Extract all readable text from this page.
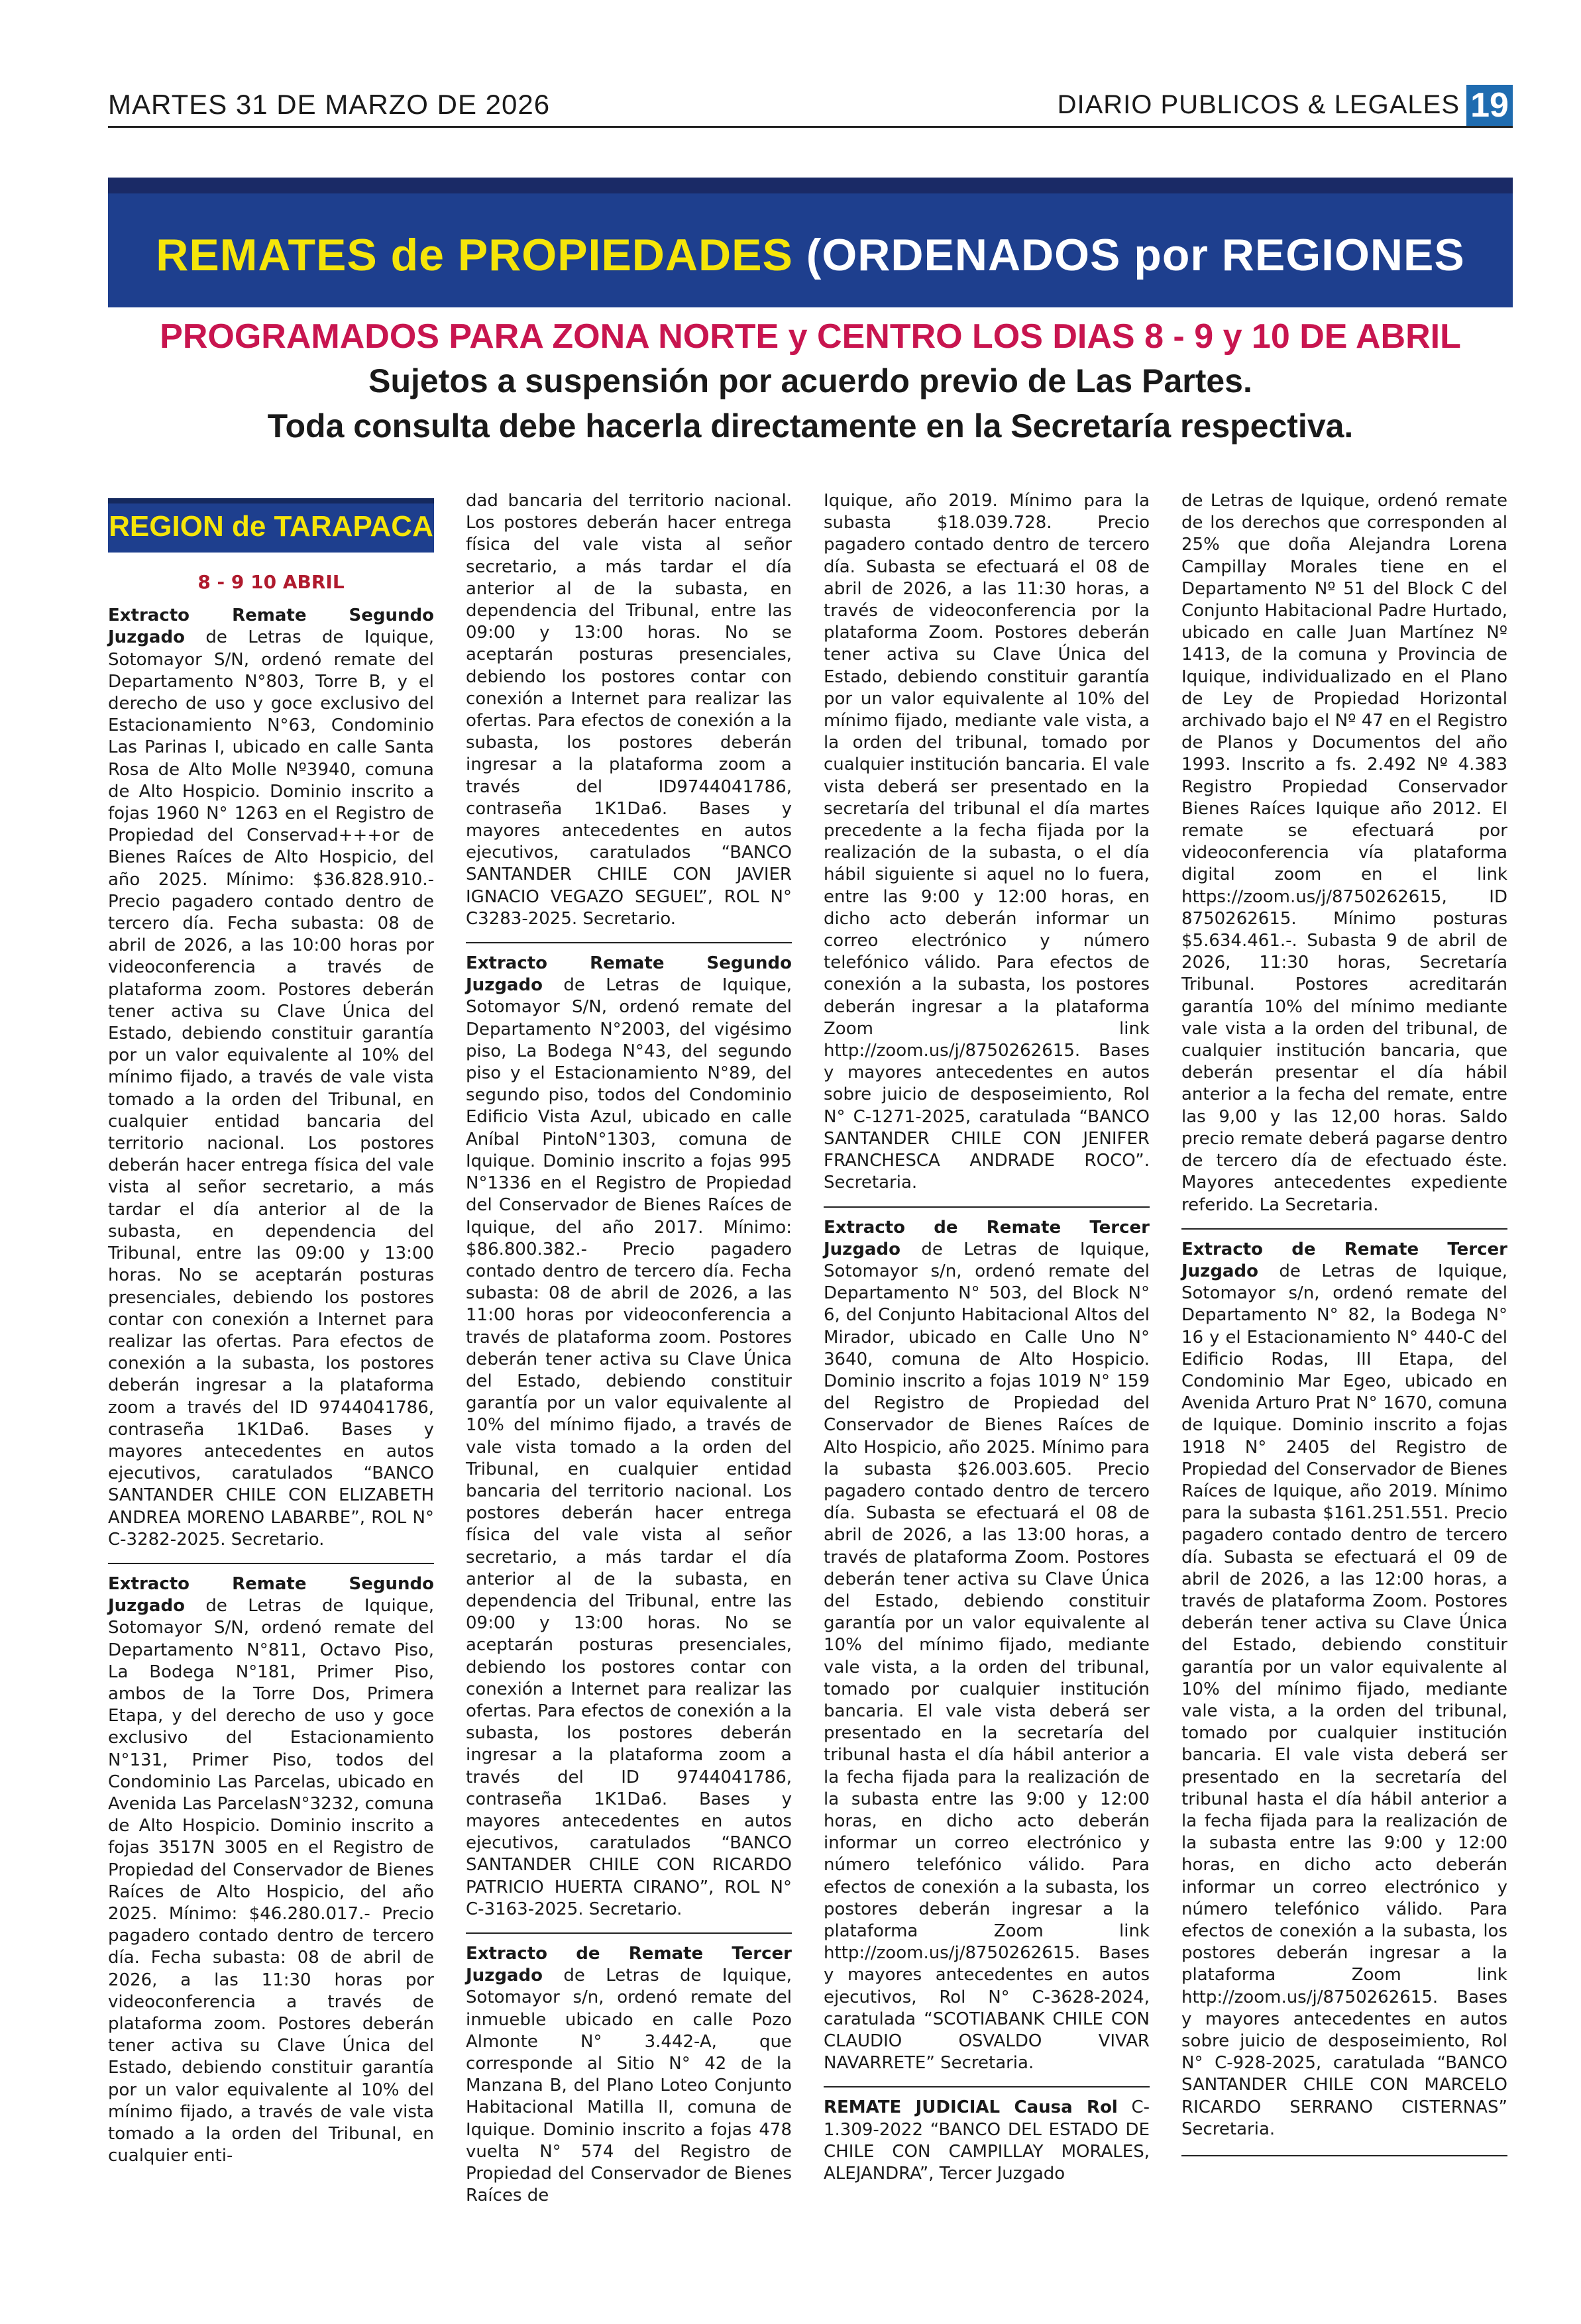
MARTES 31 DE MARZO DE 2026	DIARIO PUBLICOS & LEGALES 19
REMATES de PROPIEDADES (ORDENADOS por REGIONES
PROGRAMADOS PARA ZONA NORTE y CENTRO LOS DIAS 8 - 9 y 10 DE ABRIL
Sujetos a suspensión por acuerdo previo de Las Partes.
Toda consulta debe hacerla directamente en la Secretaría respectiva.
REGION de TARAPACA
8 - 9 10 ABRIL

Extracto Remate Segundo Juzgado de Letras de Iquique, Sotomayor S/N, ordenó remate del Departamento N°803, Torre B, y el derecho de uso y goce exclusivo del Estacionamiento N°63, Condominio Las Parinas I, ubicado en calle Santa Rosa de Alto Molle Nº3940, comuna de Alto Hospicio. Dominio inscrito a fojas 1960 N° 1263 en el Registro de Propiedad del Conservad+++or de Bienes Raíces de Alto Hospicio, del año 2025. Mínimo: $36.828.910.-Precio pagadero contado dentro de tercero día. Fecha subasta: 08 de abril de 2026, a las 10:00 horas por videoconferencia a través de plataforma zoom. Postores deberán tener activa su Clave Única del Estado, debiendo constituir garantía por un valor equivalente al 10% del mínimo fijado, a través de vale vista tomado a la orden del Tribunal, en cualquier entidad bancaria del territorio nacional. Los postores deberán hacer entrega física del vale vista al señor secretario, a más tardar el día anterior al de la subasta, en dependencia del Tribunal, entre las 09:00 y 13:00 horas. No se aceptarán posturas presenciales, debiendo los postores contar con conexión a Internet para realizar las ofertas. Para efectos de conexión a la subasta, los postores deberán ingresar a la plataforma zoom a través del ID 9744041786, contraseña 1K1Da6. Bases y mayores antecedentes en autos ejecutivos, caratulados “BANCO SANTANDER CHILE CON ELIZABETH ANDREA MORENO LABARBE”, ROL N° C-3282-2025. Secretario.

Extracto Remate Segundo Juzgado de Letras de Iquique, Sotomayor S/N, ordenó remate del Departamento N°811, Octavo Piso, La Bodega N°181, Primer Piso, ambos de la Torre Dos, Primera Etapa, y del derecho de uso y goce exclusivo del Estacionamiento N°131, Primer Piso, todos del Condominio Las Parcelas, ubicado en Avenida Las ParcelasN°3232, comuna de Alto Hospicio. Dominio inscrito a fojas 3517N 3005 en el Registro de Propiedad del Conservador de Bienes Raíces de Alto Hospicio, del año 2025. Mínimo: $46.280.017.- Precio pagadero contado dentro de tercero día. Fecha subasta: 08 de abril de 2026, a las 11:30 horas por videoconferencia a través de plataforma zoom. Postores deberán tener activa su Clave Única del Estado, debiendo constituir garantía por un valor equivalente al 10% del mínimo fijado, a través de vale vista tomado a la orden del Tribunal, en cualquier enti-

dad bancaria del territorio nacional. Los postores deberán hacer entrega física del vale vista al señor secretario, a más tardar el día anterior al de la subasta, en dependencia del Tribunal, entre las 09:00 y 13:00 horas. No se aceptarán posturas presenciales, debiendo los postores contar con conexión a Internet para realizar las ofertas. Para efectos de conexión a la subasta, los postores deberán ingresar a la plataforma zoom a través del ID9744041786, contraseña 1K1Da6. Bases y mayores antecedentes en autos ejecutivos, caratulados “BANCO SANTANDER CHILE CON JAVIER IGNACIO VEGAZO SEGUEL”, ROL N° C3283-2025. Secretario.

Extracto Remate Segundo Juzgado de Letras de Iquique, Sotomayor S/N, ordenó remate del Departamento N°2003, del vigésimo piso, La Bodega N°43, del segundo piso y el Estacionamiento N°89, del segundo piso, todos del Condominio Edificio Vista Azul, ubicado en calle Aníbal PintoN°1303, comuna de Iquique. Dominio inscrito a fojas 995 N°1336 en el Registro de Propiedad del Conservador de Bienes Raíces de Iquique, del año 2017. Mínimo: $86.800.382.- Precio pagadero contado dentro de tercero día. Fecha subasta: 08 de abril de 2026, a las 11:00 horas por videoconferencia a través de plataforma zoom. Postores deberán tener activa su Clave Única del Estado, debiendo constituir garantía por un valor equivalente al 10% del mínimo fijado, a través de vale vista tomado a la orden del Tribunal, en cualquier entidad bancaria del territorio nacional. Los postores deberán hacer entrega física del vale vista al señor secretario, a más tardar el día anterior al de la subasta, en dependencia del Tribunal, entre las 09:00 y 13:00 horas. No se aceptarán posturas presenciales, debiendo los postores contar con conexión a Internet para realizar las ofertas. Para efectos de conexión a la subasta, los postores deberán ingresar a la plataforma zoom a través del ID 9744041786, contraseña 1K1Da6. Bases y mayores antecedentes en autos ejecutivos, caratulados “BANCO SANTANDER CHILE CON RICARDO PATRICIO HUERTA CIRANO”, ROL N° C-3163-2025. Secretario.

Extracto de Remate Tercer Juzgado de Letras de Iquique, Sotomayor s/n, ordenó remate del inmueble ubicado en calle Pozo Almonte N° 3.442-A, que corresponde al Sitio N° 42 de la Manzana B, del Plano Loteo Conjunto Habitacional Matilla II, comuna de Iquique. Dominio inscrito a fojas 478 vuelta N° 574 del Registro de Propiedad del Conservador de Bienes Raíces de

Iquique, año 2019. Mínimo para la subasta $18.039.728. Precio pagadero contado dentro de tercero día. Subasta se efectuará el 08 de abril de 2026, a las 11:30 horas, a través de videoconferencia por la plataforma Zoom. Postores deberán tener activa su Clave Única del Estado, debiendo constituir garantía por un valor equivalente al 10% del mínimo fijado, mediante vale vista, a la orden del tribunal, tomado por cualquier institución bancaria. El vale vista deberá ser presentado en la secretaría del tribunal el día martes precedente a la fecha fijada por la realización de la subasta, o el día hábil siguiente si aquel no lo fuera, entre las 9:00 y 12:00 horas, en dicho acto deberán informar un correo electrónico y número telefónico válido. Para efectos de conexión a la subasta, los postores deberán ingresar a la plataforma Zoom link http://zoom.us/j/8750262615. Bases y mayores antecedentes en autos sobre juicio de desposeimiento, Rol N° C-1271-2025, caratulada “BANCO SANTANDER CHILE CON JENIFER FRANCHESCA ANDRADE ROCO”. Secretaria.

Extracto de Remate Tercer Juzgado de Letras de Iquique, Sotomayor s/n, ordenó remate del Departamento N° 503, del Block N° 6, del Conjunto Habitacional Altos del Mirador, ubicado en Calle Uno N° 3640, comuna de Alto Hospicio. Dominio inscrito a fojas 1019 N° 159 del Registro de Propiedad del Conservador de Bienes Raíces de Alto Hospicio, año 2025. Mínimo para la subasta $26.003.605. Precio pagadero contado dentro de tercero día. Subasta se efectuará el 08 de abril de 2026, a las 13:00 horas, a través de plataforma Zoom. Postores deberán tener activa su Clave Única del Estado, debiendo constituir garantía por un valor equivalente al 10% del mínimo fijado, mediante vale vista, a la orden del tribunal, tomado por cualquier institución bancaria. El vale vista deberá ser presentado en la secretaría del tribunal hasta el día hábil anterior a la fecha fijada para la realización de la subasta entre las 9:00 y 12:00 horas, en dicho acto deberán informar un correo electrónico y número telefónico válido. Para efectos de conexión a la subasta, los postores deberán ingresar a la plataforma Zoom link http://zoom.us/j/8750262615. Bases y mayores antecedentes en autos ejecutivos, Rol N° C-3628-2024, caratulada “SCOTIABANK CHILE CON CLAUDIO OSVALDO VIVAR NAVARRETE” Secretaria.

REMATE JUDICIAL Causa Rol C-1.309-2022 “BANCO DEL ESTADO DE CHILE CON CAMPILLAY MORALES, ALEJANDRA”, Tercer Juzgado

de Letras de Iquique, ordenó remate de los derechos que corresponden al 25% que doña Alejandra Lorena Campillay Morales tiene en el Departamento Nº 51 del Block C del Conjunto Habitacional Padre Hurtado, ubicado en calle Juan Martínez Nº 1413, de la comuna y Provincia de Iquique, individualizado en el Plano de Ley de Propiedad Horizontal archivado bajo el Nº 47 en el Registro de Planos y Documentos del año 1993. Inscrito a fs. 2.492 Nº 4.383 Registro Propiedad Conservador Bienes Raíces Iquique año 2012. El remate se efectuará por videoconferencia vía plataforma digital zoom en el link https://zoom.us/j/8750262615, ID 8750262615. Mínimo posturas $5.634.461.-. Subasta 9 de abril de 2026, 11:30 horas, Secretaría Tribunal. Postores acreditarán garantía 10% del mínimo mediante vale vista a la orden del tribunal, de cualquier institución bancaria, que deberán presentar el día hábil anterior a la fecha del remate, entre las 9,00 y las 12,00 horas. Saldo precio remate deberá pagarse dentro de tercero día de efectuado éste. Mayores antecedentes expediente referido. La Secretaria.

Extracto de Remate Tercer Juzgado de Letras de Iquique, Sotomayor s/n, ordenó remate del Departamento N° 82, la Bodega N° 16 y el Estacionamiento N° 440-C del Edificio Rodas, III Etapa, del Condominio Mar Egeo, ubicado en Avenida Arturo Prat N° 1670, comuna de Iquique. Dominio inscrito a fojas 1918 N° 2405 del Registro de Propiedad del Conservador de Bienes Raíces de Iquique, año 2019. Mínimo para la subasta $161.251.551. Precio pagadero contado dentro de tercero día. Subasta se efectuará el 09 de abril de 2026, a las 12:00 horas, a través de plataforma Zoom. Postores deberán tener activa su Clave Única del Estado, debiendo constituir garantía por un valor equivalente al 10% del mínimo fijado, mediante vale vista, a la orden del tribunal, tomado por cualquier institución bancaria. El vale vista deberá ser presentado en la secretaría del tribunal hasta el día hábil anterior a la fecha fijada para la realización de la subasta entre las 9:00 y 12:00 horas, en dicho acto deberán informar un correo electrónico y número telefónico válido. Para efectos de conexión a la subasta, los postores deberán ingresar a la plataforma Zoom link http://zoom.us/j/8750262615. Bases y mayores antecedentes en autos sobre juicio de desposeimiento, Rol N° C-928-2025, caratulada “BANCO SANTANDER CHILE CON MARCELO RICARDO SERRANO CISTERNAS” Secretaria.
